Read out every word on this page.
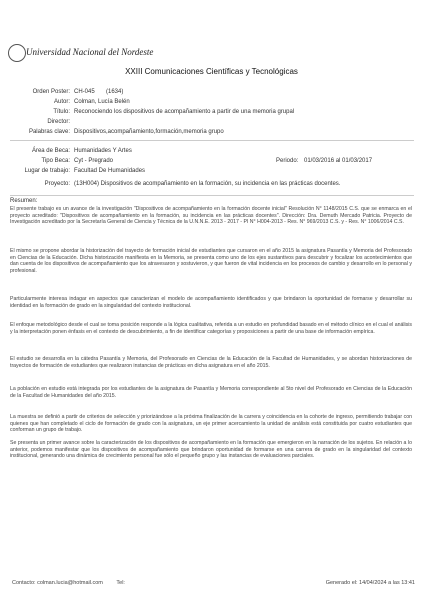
Universidad Nacional del Nordeste
XXIII Comunicaciones Científicas y Tecnológicas
Orden Poster: CH-045 (1634)
Autor: Colman, Lucía Belén
Título: Reconociendo los dispositivos de acompañamiento a partir de una memoria grupal
Director:
Palabras clave: Dispositivos,acompañamiento,formación,memoria grupo
Área de Beca: Humanidades Y Artes
Tipo Beca: Cyt - Pregrado	Periodo: 01/03/2016 al 01/03/2017
Lugar de trabajo: Facultad De Humanidades
Proyecto: (13H004) Dispositivos de acompañamiento en la formación, su incidencia en las prácticas docentes.
Resumen:
El presente trabajo es un avance de la investigación "Dispositivos de acompañamiento en la formación docente inicial" Resolución N° 1148/2015 C.S. que se enmarca en el proyecto acreditado: "Dispositivos de acompañamiento en la formación, su incidencia en las prácticas docentes". Dirección: Dra. Demuth Mercado Patricia. Proyecto de Investigación acreditado por la Secretaría General de Ciencia y Técnica de la U.N.N.E. 2013 - 2017 - PI N° H004-2013 - Res. N° 969/2013 C.S. y - Res. N° 1006/2014 C.S.
El mismo se propone abordar la historización del trayecto de formación inicial de estudiantes que cursaron en el año 2015 la asignatura Pasantía y Memoria del Profesorado en Ciencias de la Educación. Dicha historización manifiesta en la Memoria, se presenta como uno de los ejes sustantivos para descubrir y focalizar los acontecimientos que dan cuenta de los dispositivos de acompañamiento que los atravesaron y sostuvieron, y que fueron de vital incidencia en los procesos de cambio y desarrollo en lo personal y profesional.
Particularmente interesa indagar en aspectos que caracterizan el modelo de acompañamiento identificados y que brindaron la oportunidad de formarse y desarrollar su identidad en la formación de grado en la singularidad del contexto institucional.
El enfoque metodológico desde el cual se toma posición responde a la lógica cualitativa, referida a un estudio en profundidad basado en el método clínico en el cual el análisis y la interpretación ponen énfasis en el contexto de descubrimiento, a fin de identificar categorías y proposiciones a partir de una base de información empírica.
El estudio se desarrolla en la cátedra Pasantía y Memoria, del Profesorado en Ciencias de la Educación de la Facultad de Humanidades, y se abordan historizaciones de trayectos de formación de estudiantes que realizaron instancias de prácticas en dicha asignatura en el año 2015.
La población en estudio está integrada por los estudiantes de la asignatura de Pasantía y Memoria correspondiente al 5to nivel del Profesorado en Ciencias de la Educación de la Facultad de Humanidades del año 2015.
La muestra se definió a partir de criterios de selección y priorizándose a la próxima finalización de la carrera y coincidencia en la cohorte de ingreso, permitiendo trabajar con quienes que han completado el ciclo de formación de grado con la asignatura, un eje primer acercamiento la unidad de análisis está constituida por cuatro estudiantes que conforman un grupo de trabajo.
Se presenta un primer avance sobre la caracterización de los dispositivos de acompañamiento en la formación que emergieron en la narración de los sujetos. En relación a lo anterior, podemos manifestar que los dispositivos de acompañamiento que brindaron oportunidad de formarse en una carrera de grado en la singularidad del contexto institucional, generando una dinámica de crecimiento personal fue sólo el pequeño grupo y las instancias de evaluaciones parciales.
Contacto: colman.lucia@hotmail.com Tel:	Generado el: 14/04/2024 a las 13:41
